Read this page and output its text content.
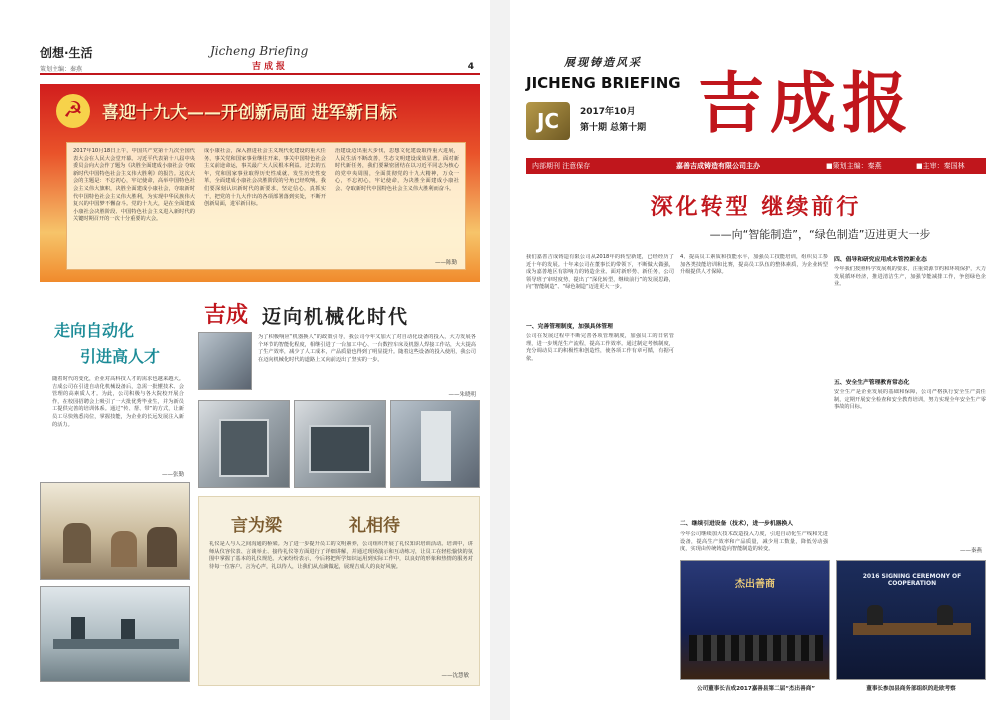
创想·生活
策划主编：秦燕
Jicheng Briefing
吉成报	4
☭	喜迎十九大——开创新局面 进军新目标
2017年10月18日上午，中国共产党第十九次全国代表大会在人民大会堂开幕。习近平代表第十八届中央委员会向大会作了题为《决胜全面建成小康社会 夺取新时代中国特色社会主义伟大胜利》的报告。这次大会的主题是：不忘初心，牢记使命，高举中国特色社会主义伟大旗帜，决胜全面建成小康社会，夺取新时代中国特色社会主义伟大胜利，为实现中华民族伟大复兴的中国梦不懈奋斗。党的十九大，是在全面建成小康社会决胜阶段、中国特色社会主义进入新时代的关键时期召开的一次十分重要的大会。
成小康社会，深入推进社会主义现代化建设的重大任务，事关党和国家事业继往开来，事关中国特色社会主义前途命运，事关最广大人民根本利益。过去的五年，党和国家事业取得历史性成就、发生历史性变革，全面建成小康社会决胜阶段的号角已经吹响。我们要深刻认识新时代的新要求，坚定信心，真抓实干，把党的十九大作出的各项部署落到实处，不断开创新局面，进军新目标。
治建设迈出重大步伐，思想文化建设取得重大进展，人民生活不断改善，生态文明建设成效显著。面对新时代新任务，我们要紧密团结在以习近平同志为核心的党中央周围，全面贯彻党的十九大精神，万众一心，不忘初心，牢记使命，为决胜全面建成小康社会、夺取新时代中国特色社会主义伟大胜利而奋斗。
——陈勤
走向自动化
引进高人才
随着时代的变化，企业对高科技人才的需求也越来越大。吉成公司在引进自动化机械设备后，急需一批懂技术、会管理的高素质人才。为此，公司积极与各大院校开展合作，在校园招聘会上吸引了一大批优秀毕业生，并为新员工提供完善的培训体系。通过“传、帮、带”的方式，让新员工尽快熟悉岗位，掌握技能，为企业的长远发展注入新的活力。
——张勤
吉成 迈向机械化时代
为了积极响应“机器换人”的政策引导，我公司今年又加大了对自动化设备的投入，大力发展各个环节的智能化程度，相继引进了一台加工中心、一台数控车床及机器人焊接工作站，大大提高了生产效率，减少了人工成本，产品质量也得到了明显提升。随着这些设备的投入使用，我公司在迈向机械化时代的道路上又向前迈出了坚实的一步。
——朱晓明
言为梁	礼相待
礼仪是人与人之间沟通的桥梁。为了进一步提升员工的文明素养，公司组织开展了礼仪知识培训活动。培训中，讲师从仪容仪表、言谈举止、接待礼仪等方面进行了详细讲解，并通过现场演示和互动练习，让员工在轻松愉快的氛围中掌握了基本的礼仪规范。大家纷纷表示，今后将把所学知识运用到实际工作中，以良好的形象和热情的服务对待每一位客户。言为心声，礼以待人，让我们从点滴做起，展现吉成人的良好风貌。
——沈慧敏
展现铸造风采
JICHENG BRIEFING
JC	2017年10月
第十期 总第十期 吉成报
内部期刊 注意保存	嘉善吉成铸造有限公司主办	■策划主编：秦燕	■主审：秦国林
深化转型 继续前行
——向“智能制造”，“绿色制造”迈进更大一步
我们嘉善吉成铸造有限公司从2018年的转型新建，已经经历了近十年的发展。十年来公司在董事长的带领下，不断做大做强，成为嘉善地区有影响力的铸造企业。面对新形势、新任务，公司领导班子审时度势，提出了“深化转型，继续前行”的发展思路，向“智能制造”、“绿色制造”迈进更大一步。
一、完善管理制度，加强具体管理
公司在发展过程中不断完善各项管理制度，加强员工的日常管理，进一步规范生产流程，提高工作效率。通过制定考核制度，充分调动员工的积极性和创造性，使各项工作有章可循，有据可依。
4、提高员工素质和技能水平，加强员工技能培训，组织员工参加各类技能培训和比赛，提高员工队伍的整体素质，为企业转型升级提供人才保障。
二、继续引进设备（技术），进一步机器换人
今年公司继续加大技术改造投入力度，引进自动化生产线和先进设备，提高生产效率和产品质量，减少用工数量，降低劳动强度，实现由传统铸造向智能制造的转变。
四、倡导和研究应用成本管控新业态
今年我们按照科学发展观的要求，注重资源节约和环境保护，大力发展循环经济，推进清洁生产，加强节能减排工作，争创绿色企业。
五、安全生产管理教育常态化
安全生产是企业发展的基础和保障，公司严格执行安全生产责任制，定期开展安全检查和安全教育培训，努力实现全年安全生产零事故的目标。
——秦燕
杰出善商
公司董事长吉成2017嘉善县第二届“杰出善商”
2016 SIGNING CEREMONY OF COOPERATION
董事长参加县商务部组织的赴欧考察
